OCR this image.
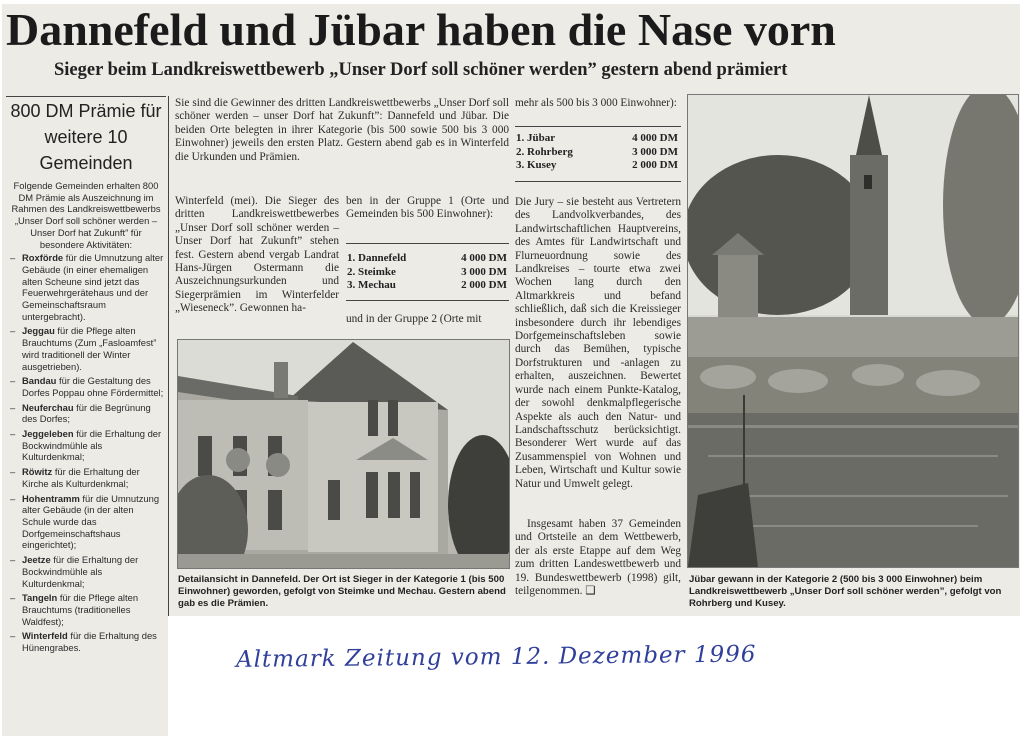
Dannefeld und Jübar haben die Nase vorn
Sieger beim Landkreiswettbewerb „Unser Dorf soll schöner werden” gestern abend prämiert
800 DM Prämie für weitere 10 Gemeinden
Folgende Gemeinden erhalten 800 DM Prämie als Auszeichnung im Rahmen des Landkreiswettbewerbs „Unser Dorf soll schöner werden – Unser Dorf hat Zukunft” für besondere Aktivitäten:
– Roxförde für die Umnutzung alter Gebäude (in einer ehemaligen alten Scheune sind jetzt das Feuerwehrgerätehaus und der Gemeinschaftsraum untergebracht).
– Jeggau für die Pflege alten Brauchtums (Zum „Fasloamfest” wird traditionell der Winter ausgetrieben).
– Bandau für die Gestaltung des Dorfes Poppau ohne Fördermittel;
– Neuferchau für die Begrünung des Dorfes;
– Jeggeleben für die Erhaltung der Bockwindmühle als Kulturdenkmal;
– Röwitz für die Erhaltung der Kirche als Kulturdenkmal;
– Hohentramm für die Umnutzung alter Gebäude (in der alten Schule wurde das Dorfgemeinschaftshaus eingerichtet);
– Jeetze für die Erhaltung der Bockwindmühle als Kulturdenkmal;
– Tangeln für die Pflege alten Brauchtums (traditionelles Waldfest);
– Winterfeld für die Erhaltung des Hünengrabes.
Sie sind die Gewinner des dritten Landkreiswettbewerbs „Unser Dorf soll schöner werden – unser Dorf hat Zukunft”: Dannefeld und Jübar. Die beiden Orte belegten in ihrer Kategorie (bis 500 sowie 500 bis 3 000 Einwohner) jeweils den ersten Platz. Gestern abend gab es in Winterfeld die Urkunden und Prämien.
Winterfeld (mei). Die Sieger des dritten Landkreiswettbewerbes „Unser Dorf soll schöner werden – Unser Dorf hat Zukunft” stehen fest. Gestern abend vergab Landrat Hans-Jürgen Ostermann die Auszeichnungsurkunden und Siegerprämien im Winterfelder „Wieseneck”. Gewonnen ha-
ben in der Gruppe 1 (Orte und Gemeinden bis 500 Einwohner):
1. Dannefeld	4 000 DM
2. Steimke	3 000 DM
3. Mechau	2 000 DM
und in der Gruppe 2 (Orte mit
Detailansicht in Dannefeld. Der Ort ist Sieger in der Kategorie 1 (bis 500 Einwohner) geworden, gefolgt von Steimke und Mechau. Gestern abend gab es die Prämien.
mehr als 500 bis 3 000 Einwohner):
1. Jübar	4 000 DM
2. Rohrberg	3 000 DM
3. Kusey	2 000 DM
Die Jury – sie besteht aus Vertretern des Landvolkverbandes, des Landwirtschaftlichen Hauptvereins, des Amtes für Landwirtschaft und Flurneuordnung sowie des Landkreises – tourte etwa zwei Wochen lang durch den Altmarkkreis und befand schließlich, daß sich die Kreissieger insbesondere durch ihr lebendiges Dorfgemeinschaftsleben sowie durch das Bemühen, typische Dorfstrukturen und -anlagen zu erhalten, auszeichnen. Bewertet wurde nach einem Punkte-Katalog, der sowohl denkmalpflegerische Aspekte als auch den Natur- und Landschaftsschutz berücksichtigt. Besonderer Wert wurde auf das Zusammenspiel von Wohnen und Leben, Wirtschaft und Kultur sowie Natur und Umwelt gelegt.
Insgesamt haben 37 Gemeinden und Ortsteile an dem Wettbewerb, der als erste Etappe auf dem Weg zum dritten Landeswettbewerb und 19. Bundeswettbewerb (1998) gilt, teilgenommen. ❑
Jübar gewann in der Kategorie 2 (500 bis 3 000 Einwohner) beim Landkreiswettbewerb „Unser Dorf soll schöner werden”, gefolgt von Rohrberg und Kusey.
Altmark Zeitung vom 12. Dezember 1996
